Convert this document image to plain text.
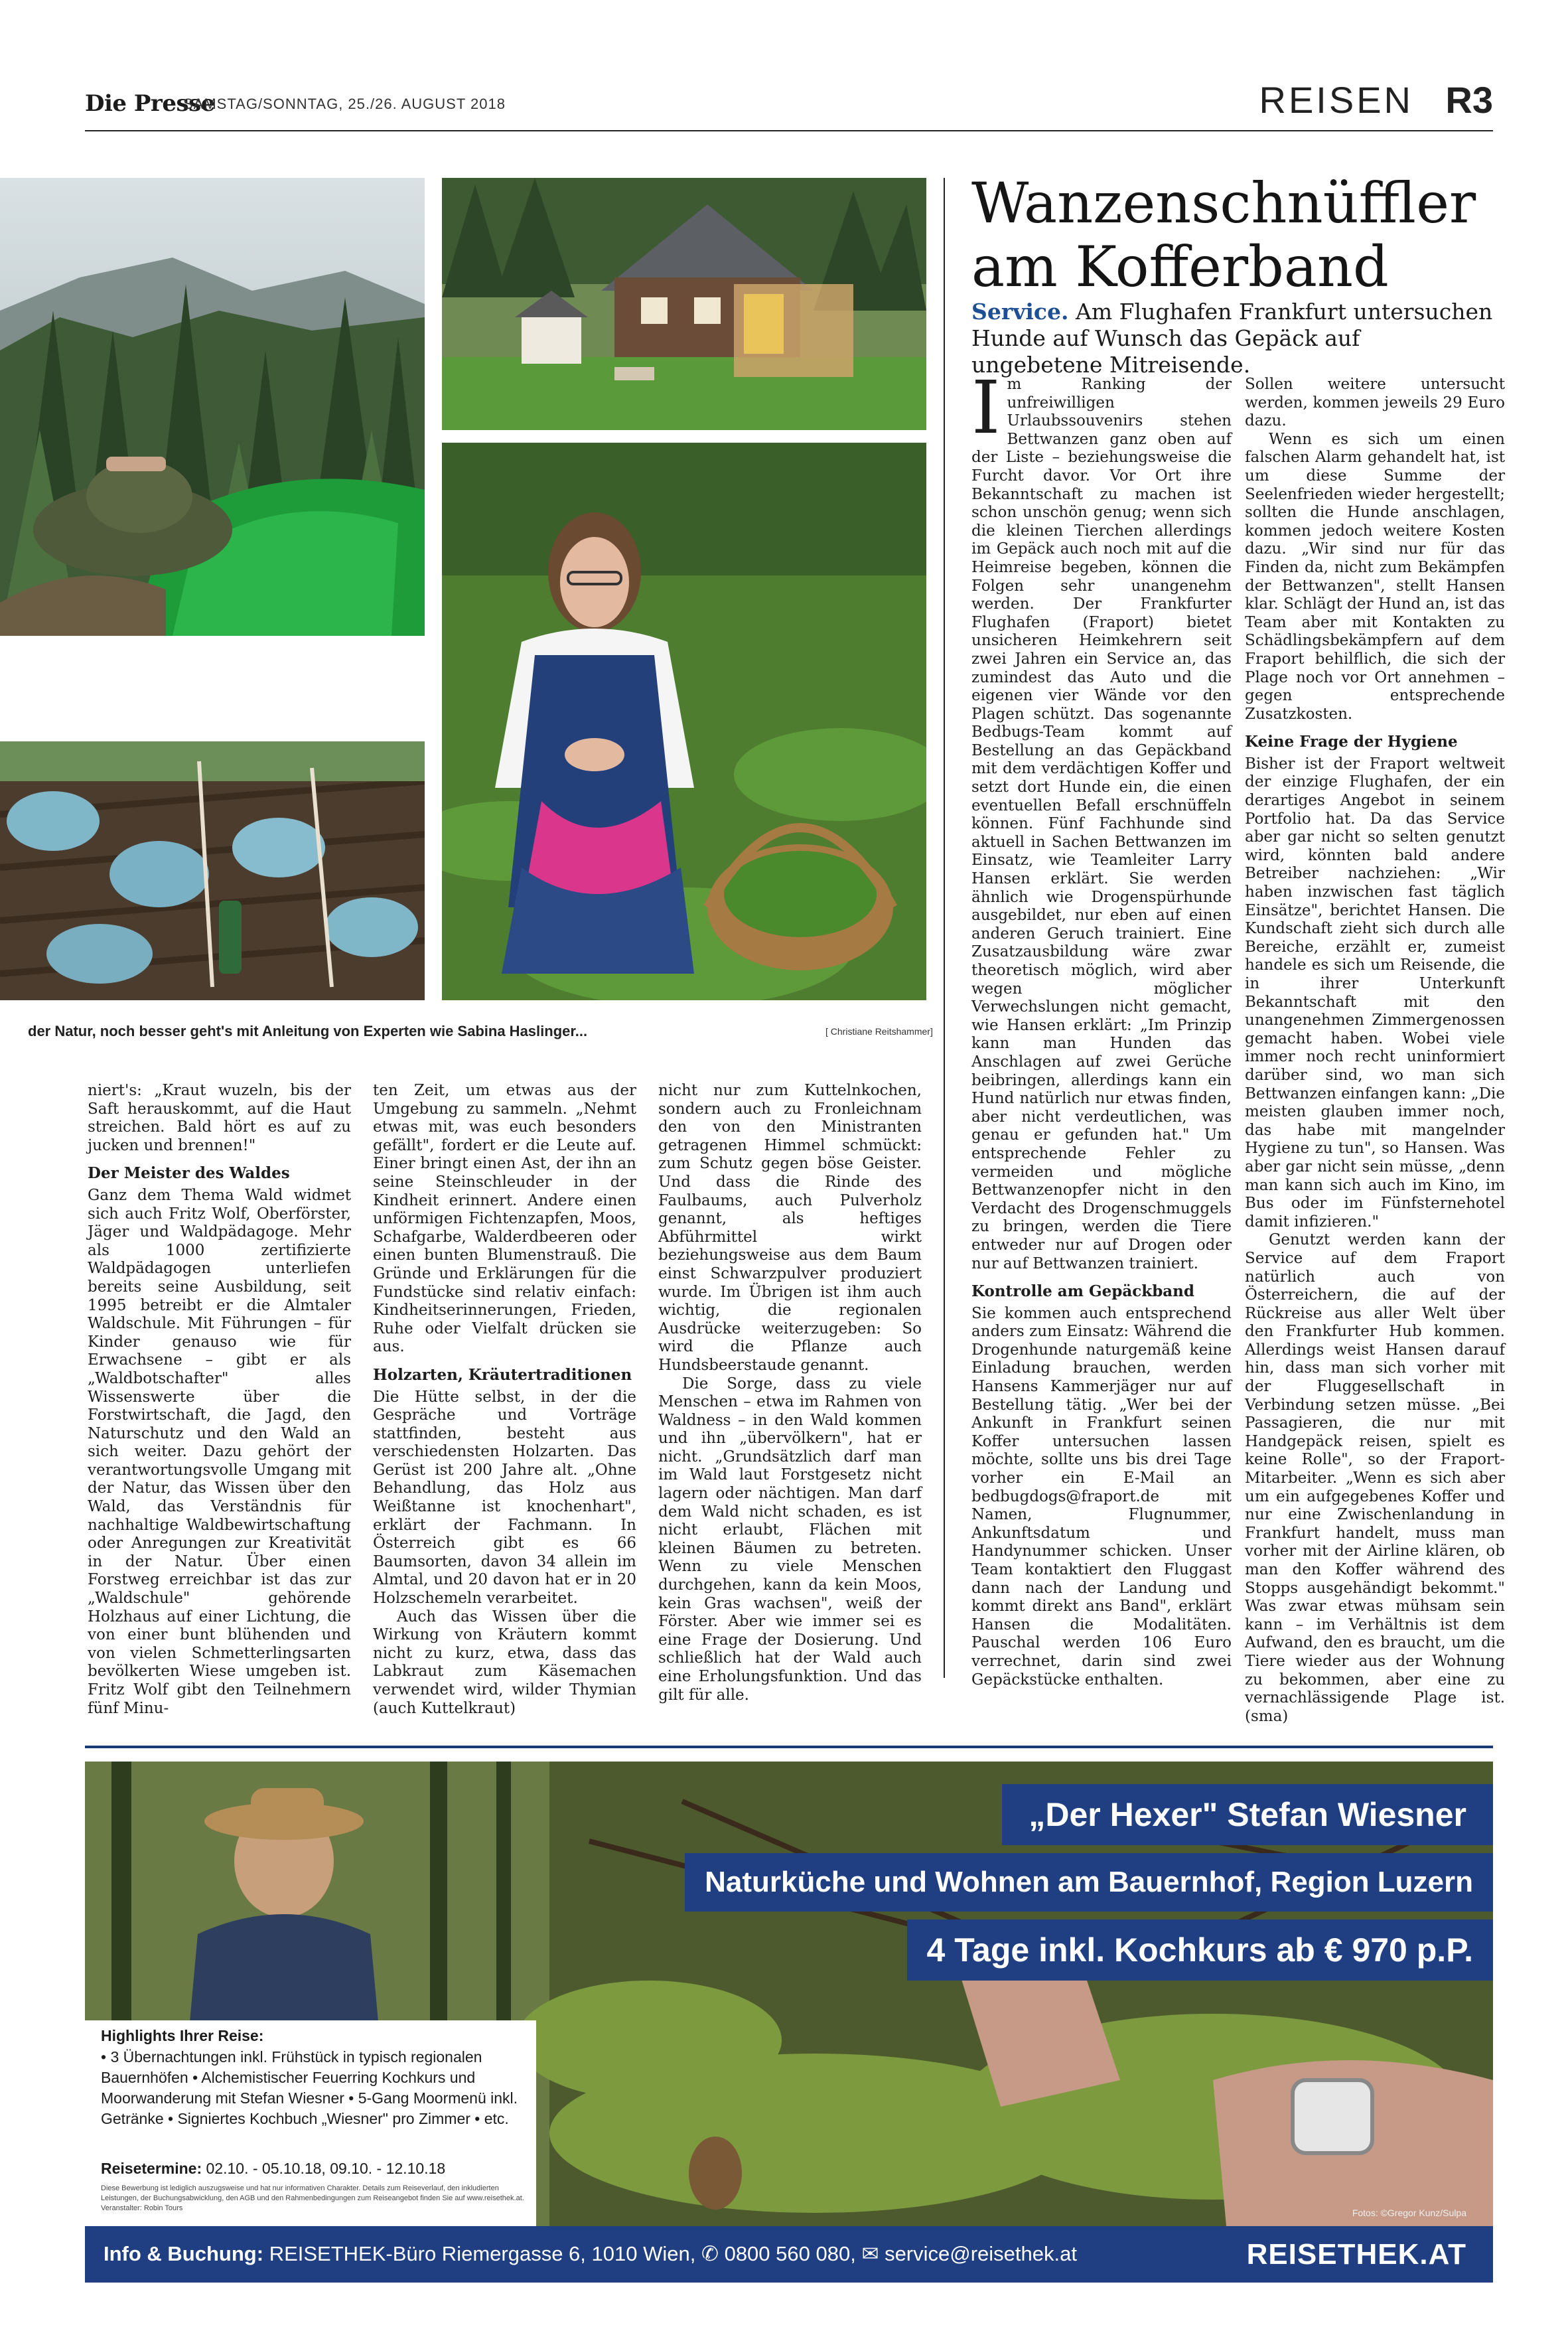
Die Presse
SAMSTAG/SONNTAG, 25./26. AUGUST 2018	REISEN R3
der Natur, noch besser geht's mit Anleitung von Experten wie Sabina Haslinger...	[ Christiane Reitshammer]

niert's: „Kraut wuzeln, bis der Saft herauskommt, auf die Haut streichen. Bald hört es auf zu jucken und brennen!"

Der Meister des Waldes

Ganz dem Thema Wald widmet sich auch Fritz Wolf, Oberförster, Jäger und Waldpädagoge. Mehr als 1000 zertifizierte Waldpädagogen unterliefen bereits seine Ausbildung, seit 1995 betreibt er die Almtaler Waldschule. Mit Führungen – für Kinder genauso wie für Erwachsene – gibt er als „Waldbotschafter" alles Wissenswerte über die Forstwirtschaft, die Jagd, den Naturschutz und den Wald an sich weiter. Dazu gehört der verantwortungsvolle Umgang mit der Natur, das Wissen über den Wald, das Verständnis für nachhaltige Waldbewirtschaftung oder Anregungen zur Kreativität in der Natur. Über einen Forstweg erreichbar ist das zur „Waldschule" gehörende Holzhaus auf einer Lichtung, die von einer bunt blühenden und von vielen Schmetterlingsarten bevölkerten Wiese umgeben ist. Fritz Wolf gibt den Teilnehmern fünf Minu-

ten Zeit, um etwas aus der Umgebung zu sammeln. „Nehmt etwas mit, was euch besonders gefällt", fordert er die Leute auf. Einer bringt einen Ast, der ihn an seine Steinschleuder in der Kindheit erinnert. Andere einen unförmigen Fichtenzapfen, Moos, Schafgarbe, Walderdbeeren oder einen bunten Blumenstrauß. Die Gründe und Erklärungen für die Fundstücke sind relativ einfach: Kindheitserinnerungen, Frieden, Ruhe oder Vielfalt drücken sie aus.

Holzarten, Kräutertraditionen

Die Hütte selbst, in der die Gespräche und Vorträge stattfinden, besteht aus verschiedensten Holzarten. Das Gerüst ist 200 Jahre alt. „Ohne Behandlung, das Holz aus Weißtanne ist knochenhart", erklärt der Fachmann. In Österreich gibt es 66 Baumsorten, davon 34 allein im Almtal, und 20 davon hat er in 20 Holzschemeln verarbeitet.

Auch das Wissen über die Wirkung von Kräutern kommt nicht zu kurz, etwa, dass das Labkraut zum Käsemachen verwendet wird, wilder Thymian (auch Kuttelkraut)

nicht nur zum Kuttelnkochen, sondern auch zu Fronleichnam den von den Ministranten getragenen Himmel schmückt: zum Schutz gegen böse Geister. Und dass die Rinde des Faulbaums, auch Pulverholz genannt, als heftiges Abführmittel wirkt beziehungsweise aus dem Baum einst Schwarzpulver produziert wurde. Im Übrigen ist ihm auch wichtig, die regionalen Ausdrücke weiterzugeben: So wird die Pflanze auch Hundsbeerstaude genannt.

Die Sorge, dass zu viele Menschen – etwa im Rahmen von Waldness – in den Wald kommen und ihn „übervölkern", hat er nicht. „Grundsätzlich darf man im Wald laut Forstgesetz nicht lagern oder nächtigen. Man darf dem Wald nicht schaden, es ist nicht erlaubt, Flächen mit kleinen Bäumen zu betreten. Wenn zu viele Menschen durchgehen, kann da kein Moos, kein Gras wachsen", weiß der Förster. Aber wie immer sei es eine Frage der Dosierung. Und schließlich hat der Wald auch eine Erholungsfunktion. Und das gilt für alle.

Wanzenschnüffler am Kofferband
Service. Am Flughafen Frankfurt untersuchen Hunde auf Wunsch das Gepäck auf ungebetene Mitreisende.

Im Ranking der unfreiwilligen Urlaubssouvenirs stehen Bettwanzen ganz oben auf der Liste – beziehungsweise die Furcht davor. Vor Ort ihre Bekanntschaft zu machen ist schon unschön genug; wenn sich die kleinen Tierchen allerdings im Gepäck auch noch mit auf die Heimreise begeben, können die Folgen sehr unangenehm werden. Der Frankfurter Flughafen (Fraport) bietet unsicheren Heimkehrern seit zwei Jahren ein Service an, das zumindest das Auto und die eigenen vier Wände vor den Plagen schützt. Das sogenannte Bedbugs-Team kommt auf Bestellung an das Gepäckband mit dem verdächtigen Koffer und setzt dort Hunde ein, die einen eventuellen Befall erschnüffeln können. Fünf Fachhunde sind aktuell in Sachen Bettwanzen im Einsatz, wie Teamleiter Larry Hansen erklärt. Sie werden ähnlich wie Drogenspürhunde ausgebildet, nur eben auf einen anderen Geruch trainiert. Eine Zusatzausbildung wäre zwar theoretisch möglich, wird aber wegen möglicher Verwechslungen nicht gemacht, wie Hansen erklärt: „Im Prinzip kann man Hunden das Anschlagen auf zwei Gerüche beibringen, allerdings kann ein Hund natürlich nur etwas finden, aber nicht verdeutlichen, was genau er gefunden hat." Um entsprechende Fehler zu vermeiden und mögliche Bettwanzenopfer nicht in den Verdacht des Drogenschmuggels zu bringen, werden die Tiere entweder nur auf Drogen oder nur auf Bettwanzen trainiert.

Kontrolle am Gepäckband

Sie kommen auch entsprechend anders zum Einsatz: Während die Drogenhunde naturgemäß keine Einladung brauchen, werden Hansens Kammerjäger nur auf Bestellung tätig. „Wer bei der Ankunft in Frankfurt seinen Koffer untersuchen lassen möchte, sollte uns bis drei Tage vorher ein E-Mail an bedbugdogs@fraport.de mit Namen, Flugnummer, Ankunftsdatum und Handynummer schicken. Unser Team kontaktiert den Fluggast dann nach der Landung und kommt direkt ans Band", erklärt Hansen die Modalitäten. Pauschal werden 106 Euro verrechnet, darin sind zwei Gepäckstücke enthalten.

Sollen weitere untersucht werden, kommen jeweils 29 Euro dazu.

Wenn es sich um einen falschen Alarm gehandelt hat, ist um diese Summe der Seelenfrieden wieder hergestellt; sollten die Hunde anschlagen, kommen jedoch weitere Kosten dazu. „Wir sind nur für das Finden da, nicht zum Bekämpfen der Bettwanzen", stellt Hansen klar. Schlägt der Hund an, ist das Team aber mit Kontakten zu Schädlingsbekämpfern auf dem Fraport behilflich, die sich der Plage noch vor Ort annehmen – gegen entsprechende Zusatzkosten.

Keine Frage der Hygiene

Bisher ist der Fraport weltweit der einzige Flughafen, der ein derartiges Angebot in seinem Portfolio hat. Da das Service aber gar nicht so selten genutzt wird, könnten bald andere Betreiber nachziehen: „Wir haben inzwischen fast täglich Einsätze", berichtet Hansen. Die Kundschaft zieht sich durch alle Bereiche, erzählt er, zumeist handele es sich um Reisende, die in ihrer Unterkunft Bekanntschaft mit den unangenehmen Zimmergenossen gemacht haben. Wobei viele immer noch recht uninformiert darüber sind, wo man sich Bettwanzen einfangen kann: „Die meisten glauben immer noch, das habe mit mangelnder Hygiene zu tun", so Hansen. Was aber gar nicht sein müsse, „denn man kann sich auch im Kino, im Bus oder im Fünfsternehotel damit infizieren."

Genutzt werden kann der Service auf dem Fraport natürlich auch von Österreichern, die auf der Rückreise aus aller Welt über den Frankfurter Hub kommen. Allerdings weist Hansen darauf hin, dass man sich vorher mit der Fluggesellschaft in Verbindung setzen müsse. „Bei Passagieren, die nur mit Handgepäck reisen, spielt es keine Rolle", so der Fraport-Mitarbeiter. „Wenn es sich aber um ein aufgegebenes Koffer und nur eine Zwischenlandung in Frankfurt handelt, muss man vorher mit der Airline klären, ob man den Koffer während des Stopps ausgehändigt bekommt." Was zwar etwas mühsam sein kann – im Verhältnis ist dem Aufwand, den es braucht, um die Tiere wieder aus der Wohnung zu bekommen, aber eine zu vernachlässigende Plage ist. (sma)

„Der Hexer" Stefan Wiesner
Naturküche und Wohnen am Bauernhof, Region Luzern
4 Tage inkl. Kochkurs ab € 970 p.P.
Highlights Ihrer Reise:
• 3 Übernachtungen inkl. Frühstück in typisch regionalen Bauernhöfen • Alchemistischer Feuerring Kochkurs und Moorwanderung mit Stefan Wiesner • 5-Gang Moormenü inkl. Getränke • Signiertes Kochbuch „Wiesner" pro Zimmer • etc.
Reisetermine: 02.10. - 05.10.18, 09.10. - 12.10.18
Diese Bewerbung ist lediglich auszugsweise und hat nur informativen Charakter. Details zum Reiseverlauf, den inkludierten Leistungen, der Buchungsabwicklung, den AGB und den Rahmenbedingungen zum Reiseangebot finden Sie auf www.reisethek.at. Veranstalter: Robin Tours	Fotos: ©Gregor Kunz/Sulpa
Info & Buchung: REISETHEK-Büro Riemergasse 6, 1010 Wien, ✆ 0800 560 080, ✉ service@reisethek.at	REISETHEK.AT
